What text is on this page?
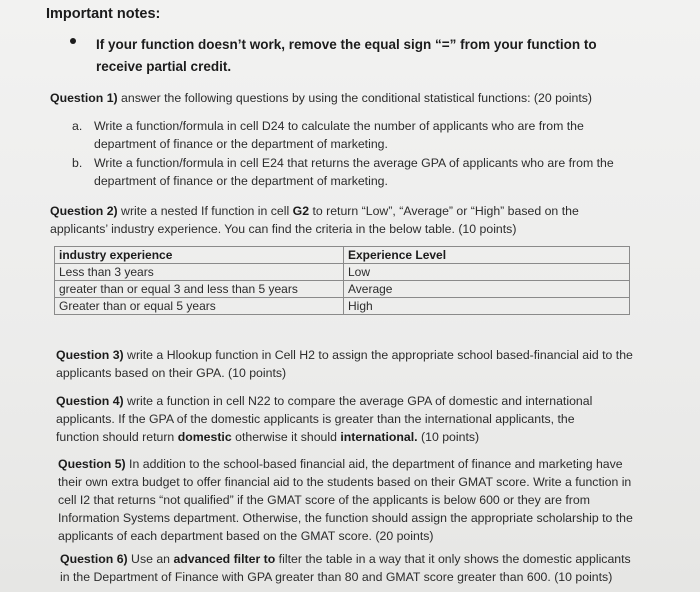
Important notes:
If your function doesn’t work, remove the equal sign “=” from your function to receive partial credit.
Question 1) answer the following questions by using the conditional statistical functions: (20 points)
a. Write a function/formula in cell D24 to calculate the number of applicants who are from the department of finance or the department of marketing.
b. Write a function/formula in cell E24 that returns the average GPA of applicants who are from the department of finance or the department of marketing.
Question 2) write a nested If function in cell G2 to return “Low”, “Average” or “High” based on the applicants’ industry experience. You can find the criteria in the below table. (10 points)
industry experience	Experience Level
Less than 3 years	Low
greater than or equal 3 and less than 5 years	Average
Greater than or equal 5 years	High
Question 3) write a Hlookup function in Cell H2 to assign the appropriate school based-financial aid to the applicants based on their GPA. (10 points)
Question 4) write a function in cell N22 to compare the average GPA of domestic and international applicants. If the GPA of the domestic applicants is greater than the international applicants, the function should return domestic otherwise it should international. (10 points)
Question 5) In addition to the school-based financial aid, the department of finance and marketing have their own extra budget to offer financial aid to the students based on their GMAT score. Write a function in cell I2 that returns “not qualified” if the GMAT score of the applicants is below 600 or they are from Information Systems department. Otherwise, the function should assign the appropriate scholarship to the applicants of each department based on the GMAT score. (20 points)
Question 6) Use an advanced filter to filter the table in a way that it only shows the domestic applicants in the Department of Finance with GPA greater than 80 and GMAT score greater than 600. (10 points)
